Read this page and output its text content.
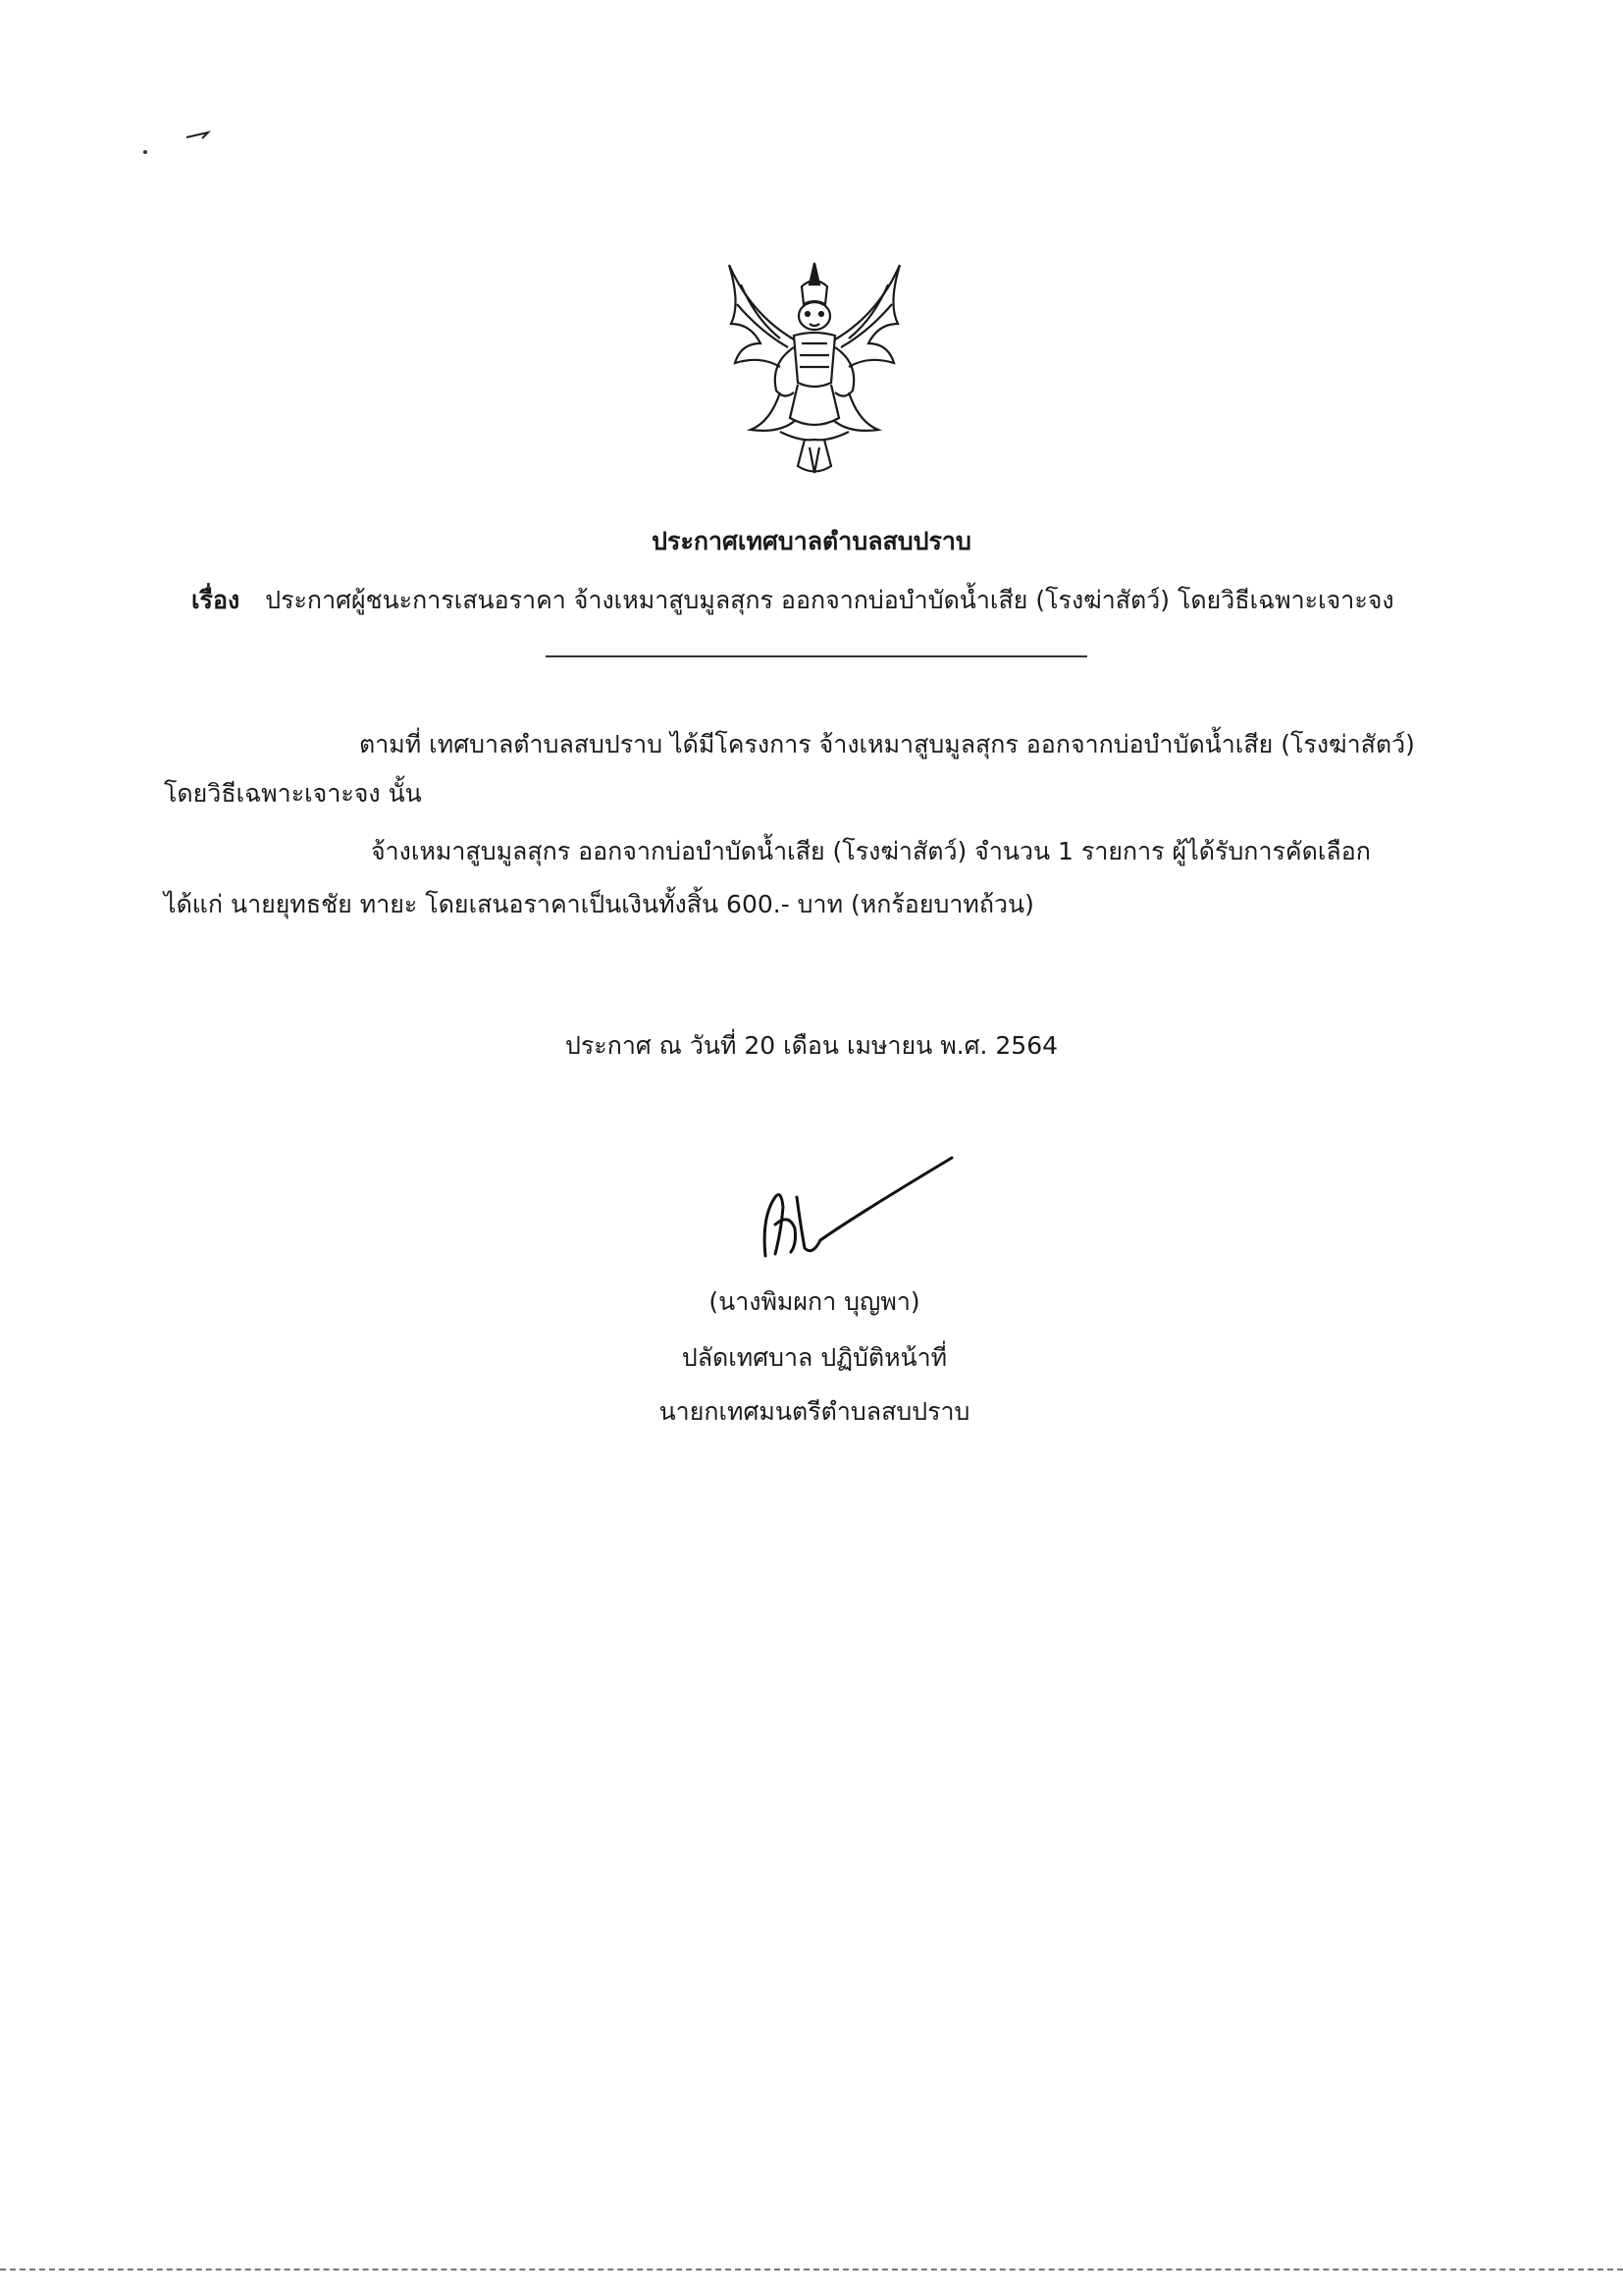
ประกาศเทศบาลตำบลสบปราบ
เรื่อง ประกาศผู้ชนะการเสนอราคา จ้างเหมาสูบมูลสุกร ออกจากบ่อบำบัดน้ำเสีย (โรงฆ่าสัตว์) โดยวิธีเฉพาะเจาะจง
ตามที่ เทศบาลตำบลสบปราบ ได้มีโครงการ จ้างเหมาสูบมูลสุกร ออกจากบ่อบำบัดน้ำเสีย (โรงฆ่าสัตว์)
โดยวิธีเฉพาะเจาะจง นั้น
จ้างเหมาสูบมูลสุกร ออกจากบ่อบำบัดน้ำเสีย (โรงฆ่าสัตว์) จำนวน 1 รายการ ผู้ได้รับการคัดเลือก
ได้แก่ นายยุทธชัย ทายะ โดยเสนอราคาเป็นเงินทั้งสิ้น 600.- บาท (หกร้อยบาทถ้วน)
ประกาศ ณ วันที่ 20 เดือน เมษายน พ.ศ. 2564
(นางพิมผกา บุญพา)
ปลัดเทศบาล ปฏิบัติหน้าที่
นายกเทศมนตรีตำบลสบปราบ
